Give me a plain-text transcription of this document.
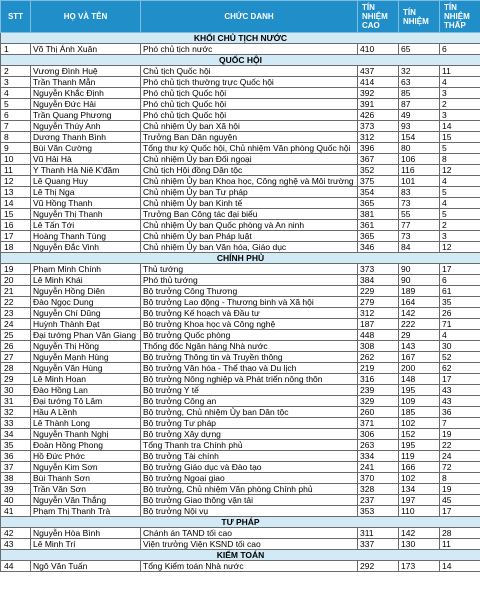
STT	HỌ VÀ TÊN	CHỨC DANH	TÍN NHIỆM CAO	TÍN NHIỆM	TÍN NHIỆM THẤP
KHỐI CHỦ TỊCH NƯỚC					
1	Võ Thị Ánh Xuân	Phó chủ tịch nước	410	65	6
QUỐC HỘI					
2	Vương Đình Huệ	Chủ tịch Quốc hội	437	32	11
3	Trần Thanh Mẫn	Phó chủ tịch thường trực Quốc hội	414	63	4
4	Nguyễn Khắc Định	Phó chủ tịch Quốc hội	392	85	3
5	Nguyễn Đức Hải	Phó chủ tịch Quốc hội	391	87	2
6	Trần Quang Phương	Phó chủ tịch Quốc hội	426	49	3
7	Nguyễn Thúy Anh	Chủ nhiệm Ủy ban Xã hội	373	93	14
8	Dương Thanh Bình	Trưởng Ban Dân nguyện	312	154	15
9	Bùi Văn Cường	Tổng thư ký Quốc hội, Chủ nhiệm Văn phòng Quốc hội	396	80	5
10	Vũ Hải Hà	Chủ nhiệm Ủy ban Đối ngoại	367	106	8
11	Y Thanh Hà Niê K'đăm	Chủ tịch Hội đồng Dân tộc	352	116	12
12	Lê Quang Huy	Chủ nhiệm Ủy ban Khoa học, Công nghệ và Môi trường	375	101	4
13	Lê Thị Nga	Chủ nhiệm Ủy ban Tư pháp	354	83	5
14	Vũ Hồng Thanh	Chủ nhiệm Ủy ban Kinh tế	365	73	4
15	Nguyễn Thị Thanh	Trưởng Ban Công tác đại biểu	381	55	5
16	Lê Tấn Tới	Chủ nhiệm Ủy ban Quốc phòng và An ninh	361	77	2
17	Hoàng Thanh Tùng	Chủ nhiệm Ủy ban Pháp luật	365	73	3
18	Nguyễn Đắc Vinh	Chủ nhiệm Ủy ban Văn hóa, Giáo dục	346	84	12
CHÍNH PHỦ					
19	Phạm Minh Chính	Thủ tướng	373	90	17
20	Lê Minh Khái	Phó thủ tướng	384	90	6
21	Nguyễn Hồng Diên	Bộ trưởng Công Thương	229	189	61
22	Đào Ngọc Dung	Bộ trưởng Lao động - Thương binh và Xã hội	279	164	35
23	Nguyễn Chí Dũng	Bộ trưởng Kế hoạch và Đầu tư	312	142	26
24	Huỳnh Thành Đạt	Bộ trưởng Khoa học và Công nghệ	187	222	71
25	Đại tướng Phan Văn Giang	Bộ trưởng Quốc phòng	448	29	4
26	Nguyễn Thị Hồng	Thống đốc Ngân hàng Nhà nước	308	143	30
27	Nguyễn Mạnh Hùng	Bộ trưởng Thông tin và Truyền thông	262	167	52
28	Nguyễn Văn Hùng	Bộ trưởng Văn hóa - Thể thao và Du lịch	219	200	62
29	Lê Minh Hoan	Bộ trưởng Nông nghiệp và Phát triển nông thôn	316	148	17
30	Đào Hồng Lan	Bộ trưởng Y tế	239	195	43
31	Đại tướng Tô Lâm	Bộ trưởng Công an	329	109	43
32	Hầu A Lềnh	Bộ trưởng, Chủ nhiệm Ủy ban Dân tộc	260	185	36
33	Lê Thành Long	Bộ trưởng Tư pháp	371	102	7
34	Nguyễn Thanh Nghị	Bộ trưởng Xây dựng	306	152	19
35	Đoàn Hồng Phong	Tổng Thanh tra Chính phủ	263	195	22
36	Hồ Đức Phớc	Bộ trưởng Tài chính	334	119	24
37	Nguyễn Kim Sơn	Bộ trưởng Giáo dục và Đào tạo	241	166	72
38	Bùi Thanh Sơn	Bộ trưởng Ngoại giao	370	102	8
39	Trần Văn Sơn	Bộ trưởng, Chủ nhiệm Văn phòng Chính phủ	328	134	19
40	Nguyễn Văn Thắng	Bộ trưởng Giao thông vận tải	237	197	45
41	Phạm Thị Thanh Trà	Bộ trưởng Nội vụ	353	110	17
TƯ PHÁP					
42	Nguyễn Hòa Bình	Chánh án TAND tối cao	311	142	28
43	Lê Minh Trí	Viện trưởng Viện KSND tối cao	337	130	11
KIỂM TOÁN					
44	Ngô Văn Tuấn	Tổng Kiểm toán Nhà nước	292	173	14
